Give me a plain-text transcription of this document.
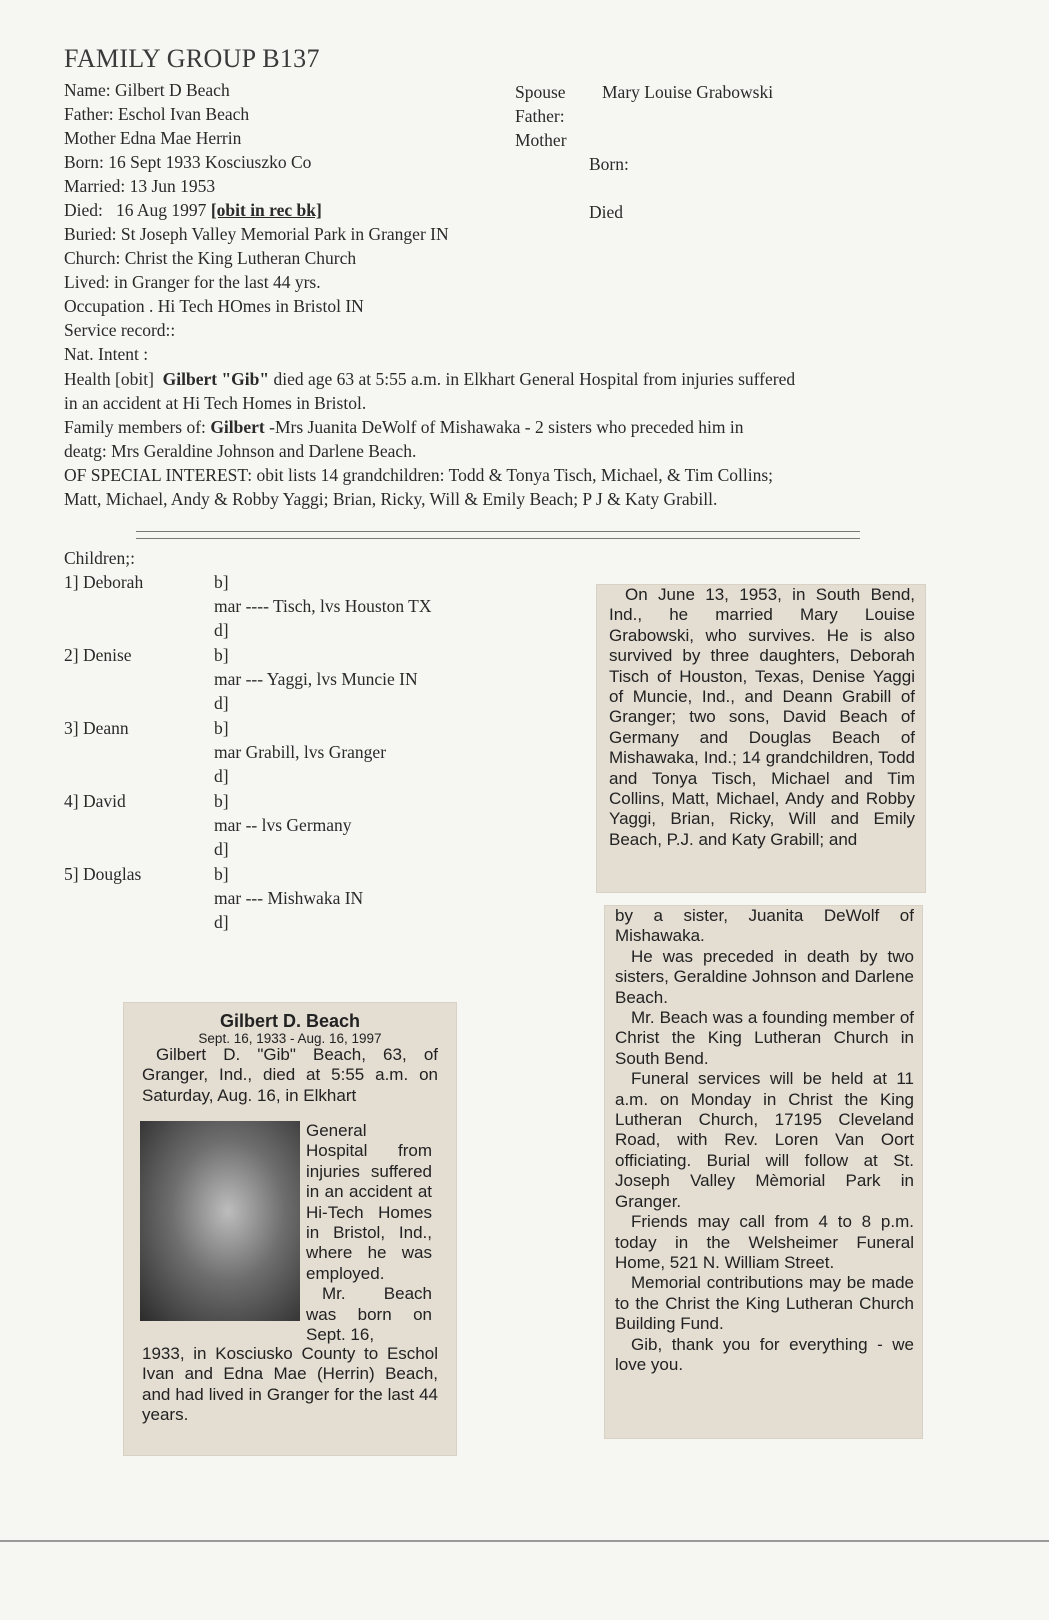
FAMILY GROUP B137
Name: Gilbert D Beach
Father: Eschol Ivan Beach
Mother Edna Mae Herrin
Born: 16 Sept 1933 Kosciuszko Co
Married: 13 Jun 1953
Died:   16 Aug 1997 [obit in rec bk]
Buried: St Joseph Valley Memorial Park in Granger IN
Church: Christ the King Lutheran Church
Lived: in Granger for the last 44 yrs.
Occupation . Hi Tech HOmes in Bristol IN
Service record::
Nat. Intent :
Spouse Mary Louise Grabowski
Father:
Mother
Born:
Died
Health [obit]  Gilbert "Gib" died age 63 at 5:55 a.m. in Elkhart General Hospital from injuries suffered
in an accident at Hi Tech Homes in Bristol.
Family members of: Gilbert -Mrs Juanita DeWolf of Mishawaka - 2 sisters who preceded him in
deatg: Mrs Geraldine Johnson and Darlene Beach.
OF SPECIAL INTEREST: obit lists 14 grandchildren: Todd & Tonya Tisch, Michael, & Tim Collins;
Matt, Michael, Andy & Robby Yaggi; Brian, Ricky, Will & Emily Beach; P J & Katy Grabill.
Children;:
1] Deborah	b]
mar ---- Tisch, lvs Houston TX
d]
2] Denise	b]
mar --- Yaggi, lvs Muncie IN
d]
3] Deann	b]
mar Grabill, lvs Granger
d]
4] David	b]
mar -- lvs Germany
d]
5] Douglas	b]
mar --- Mishwaka IN
d]
Gilbert D. Beach
Sept. 16, 1933 - Aug. 16, 1997

Gilbert D. "Gib" Beach, 63, of Granger, Ind., died at 5:55 a.m. on Saturday, Aug. 16, in Elkhart

General Hospital from injuries suffered in an accident at Hi-Tech Homes in Bristol, Ind., where he was employed.

Mr. Beach was born on Sept. 16,

1933, in Kosciusko County to Eschol Ivan and Edna Mae (Herrin) Beach, and had lived in Granger for the last 44 years.

On June 13, 1953, in South Bend, Ind., he married Mary Louise Grabowski, who survives. He is also survived by three daughters, Deborah Tisch of Houston, Texas, Denise Yaggi of Muncie, Ind., and Deann Grabill of Granger; two sons, David Beach of Germany and Douglas Beach of Mishawaka, Ind.; 14 grandchildren, Todd and Tonya Tisch, Michael and Tim Collins, Matt, Michael, Andy and Robby Yaggi, Brian, Ricky, Will and Emily Beach, P.J. and Katy Grabill; and

by a sister, Juanita DeWolf of Mishawaka.

He was preceded in death by two sisters, Geraldine Johnson and Darlene Beach.

Mr. Beach was a founding member of Christ the King Lutheran Church in South Bend.

Funeral services will be held at 11 a.m. on Monday in Christ the King Lutheran Church, 17195 Cleveland Road, with Rev. Loren Van Oort officiating. Burial will follow at St. Joseph Valley Mèmorial Park in Granger.

Friends may call from 4 to 8 p.m. today in the Welsheimer Funeral Home, 521 N. William Street.

Memorial contributions may be made to the Christ the King Lutheran Church Building Fund.

Gib, thank you for everything - we love you.
